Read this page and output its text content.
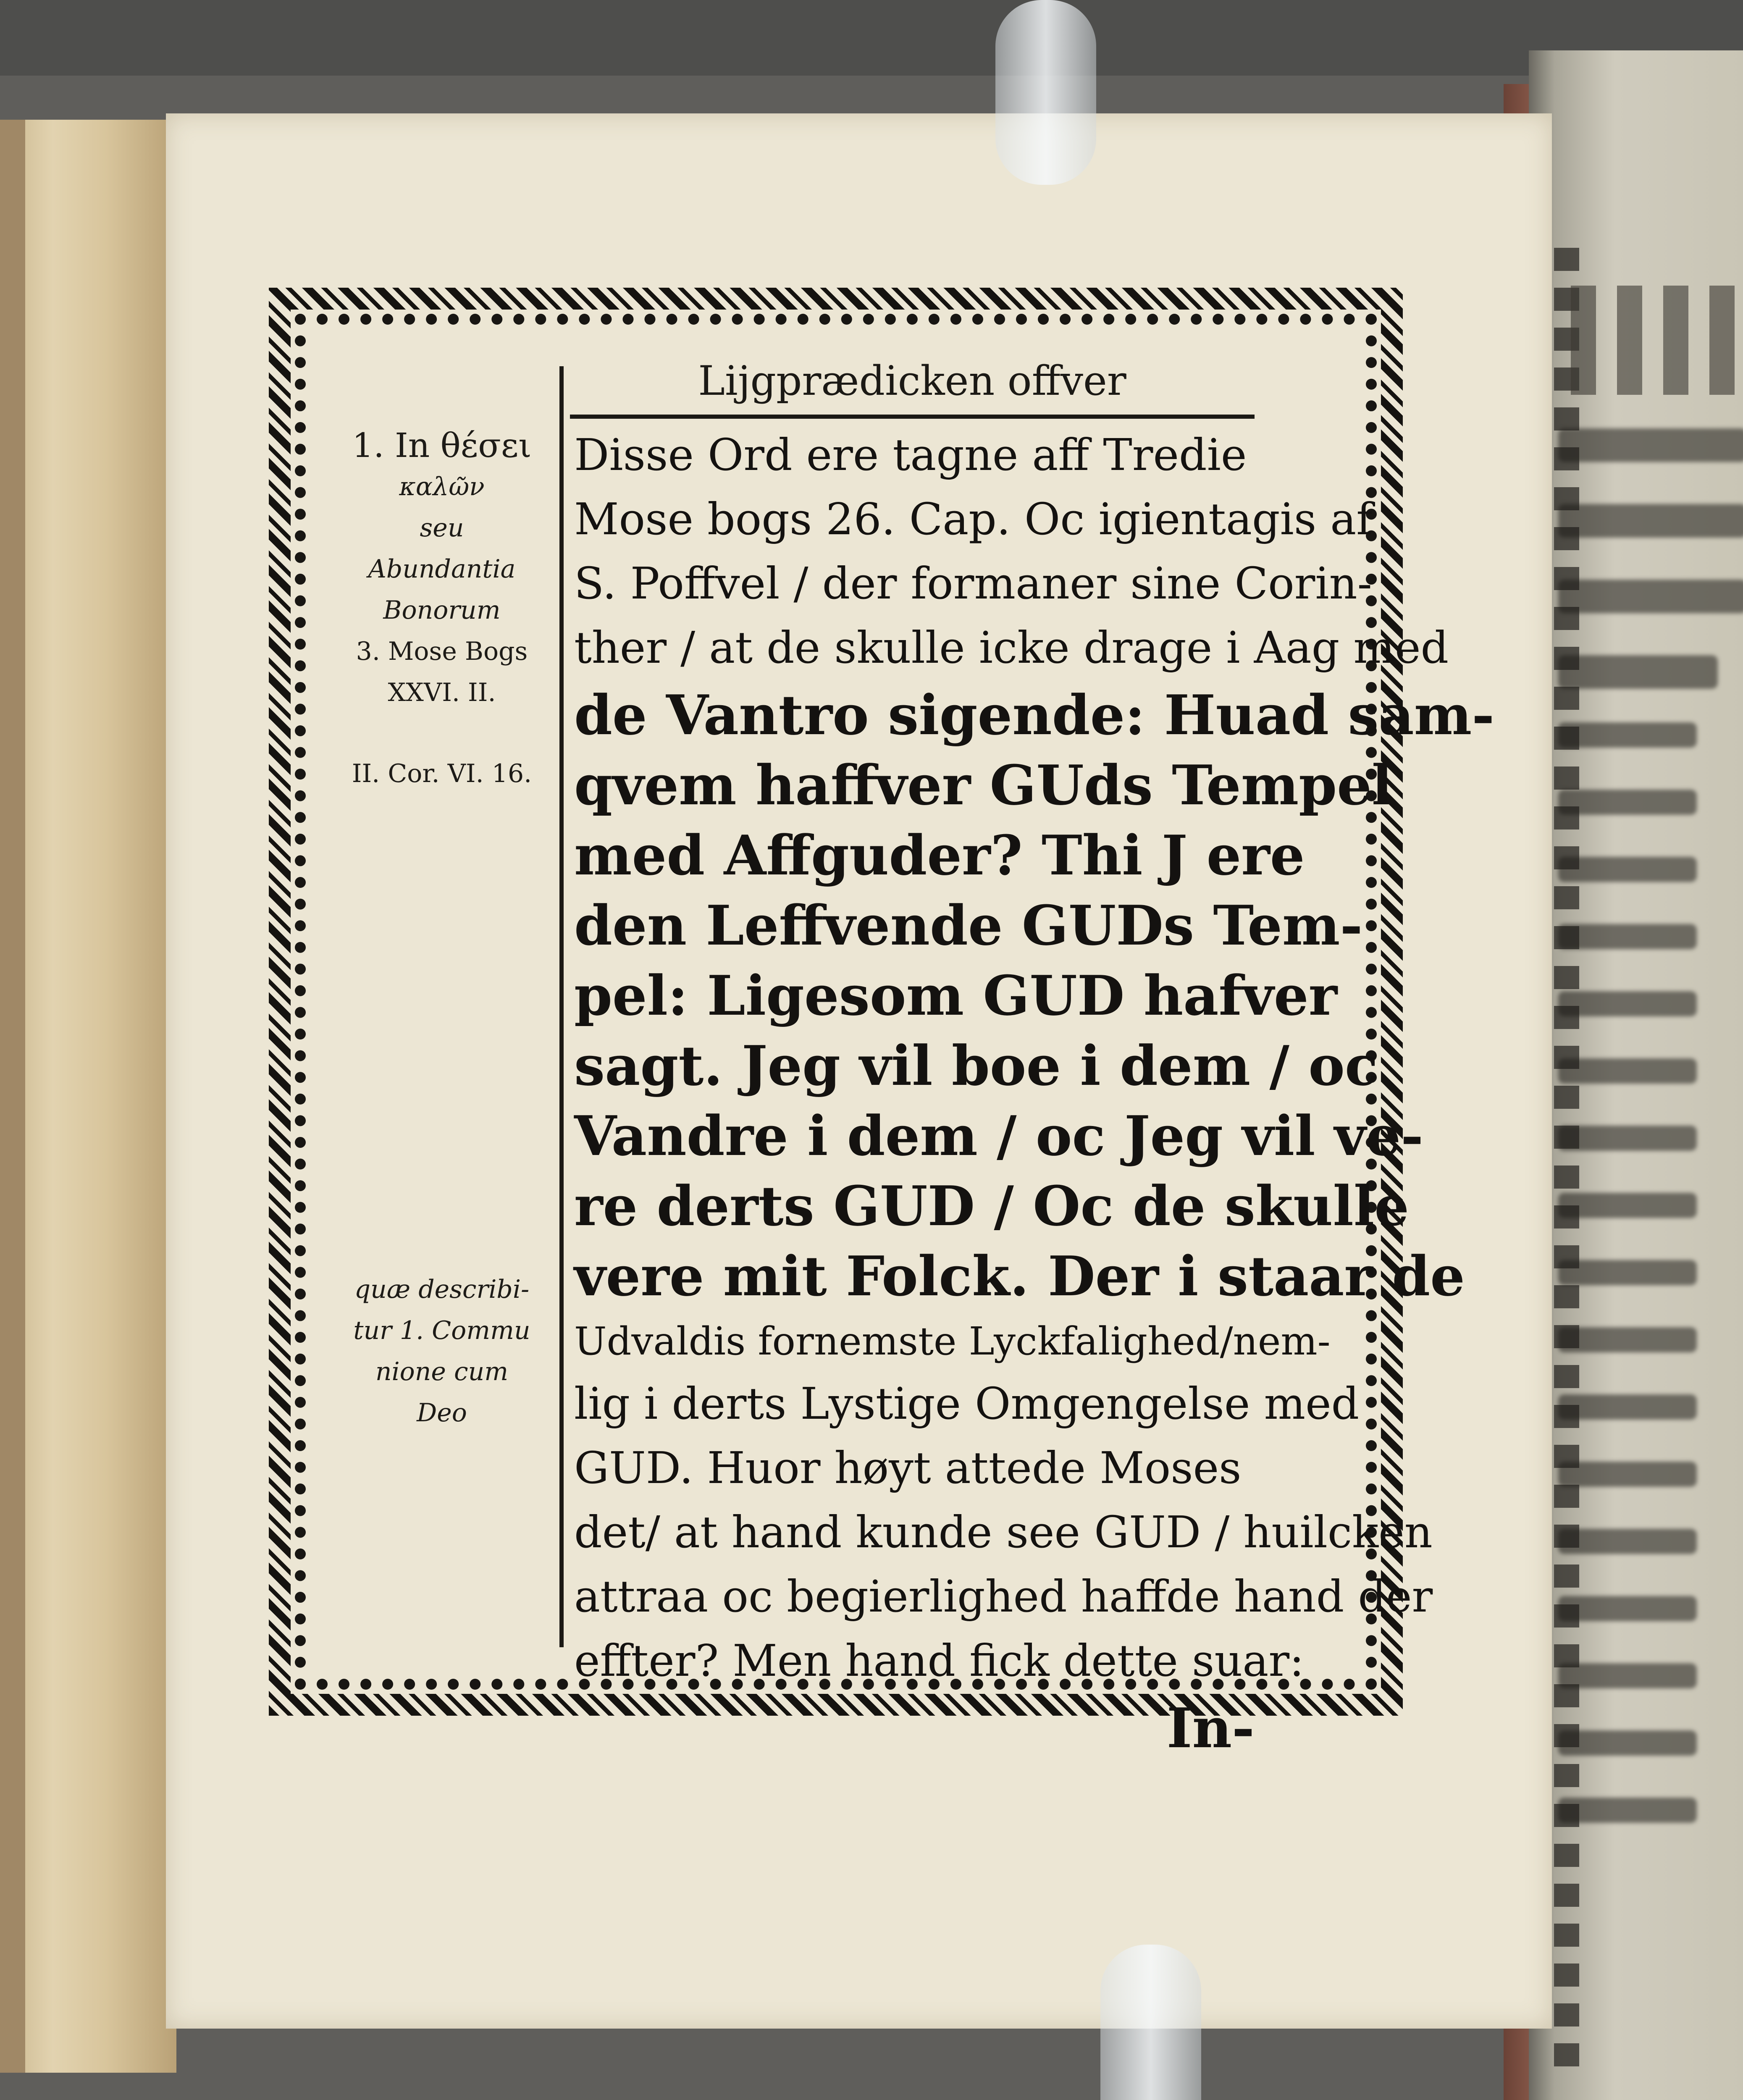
Lijgprædicken offver

1. In θέσει

καλῶν

seu

Abundantia

Bonorum

3. Mose Bogs

XXVI. II.

II. Cor. VI. 16.

quæ describi-

tur 1. Commu

nione cum

Deo

Disse Ord ere tagne aff Tredie

Mose bogs 26. Cap. Oc igientagis af

S. Poffvel / der formaner sine Corin-

ther / at de skulle icke drage i Aag med

de Vantro sigende: Huad sam-

qvem haffver GUds Tempel

med Affguder? Thi J ere

den Leffvende GUDs Tem-

pel: Ligesom GUD hafver

sagt. Jeg vil boe i dem / oc

Vandre i dem / oc Jeg vil ve-

re derts GUD / Oc de skulle

vere mit Folck. Der i staar de

Udvaldis fornemste Lyckfalighed/nem-

lig i derts Lystige Omgengelse med

GUD. Huor høyt attede Moses

det/ at hand kunde see GUD / huilcken

attraa oc begierlighed haffde hand der

effter? Men hand fick dette suar:

In-
